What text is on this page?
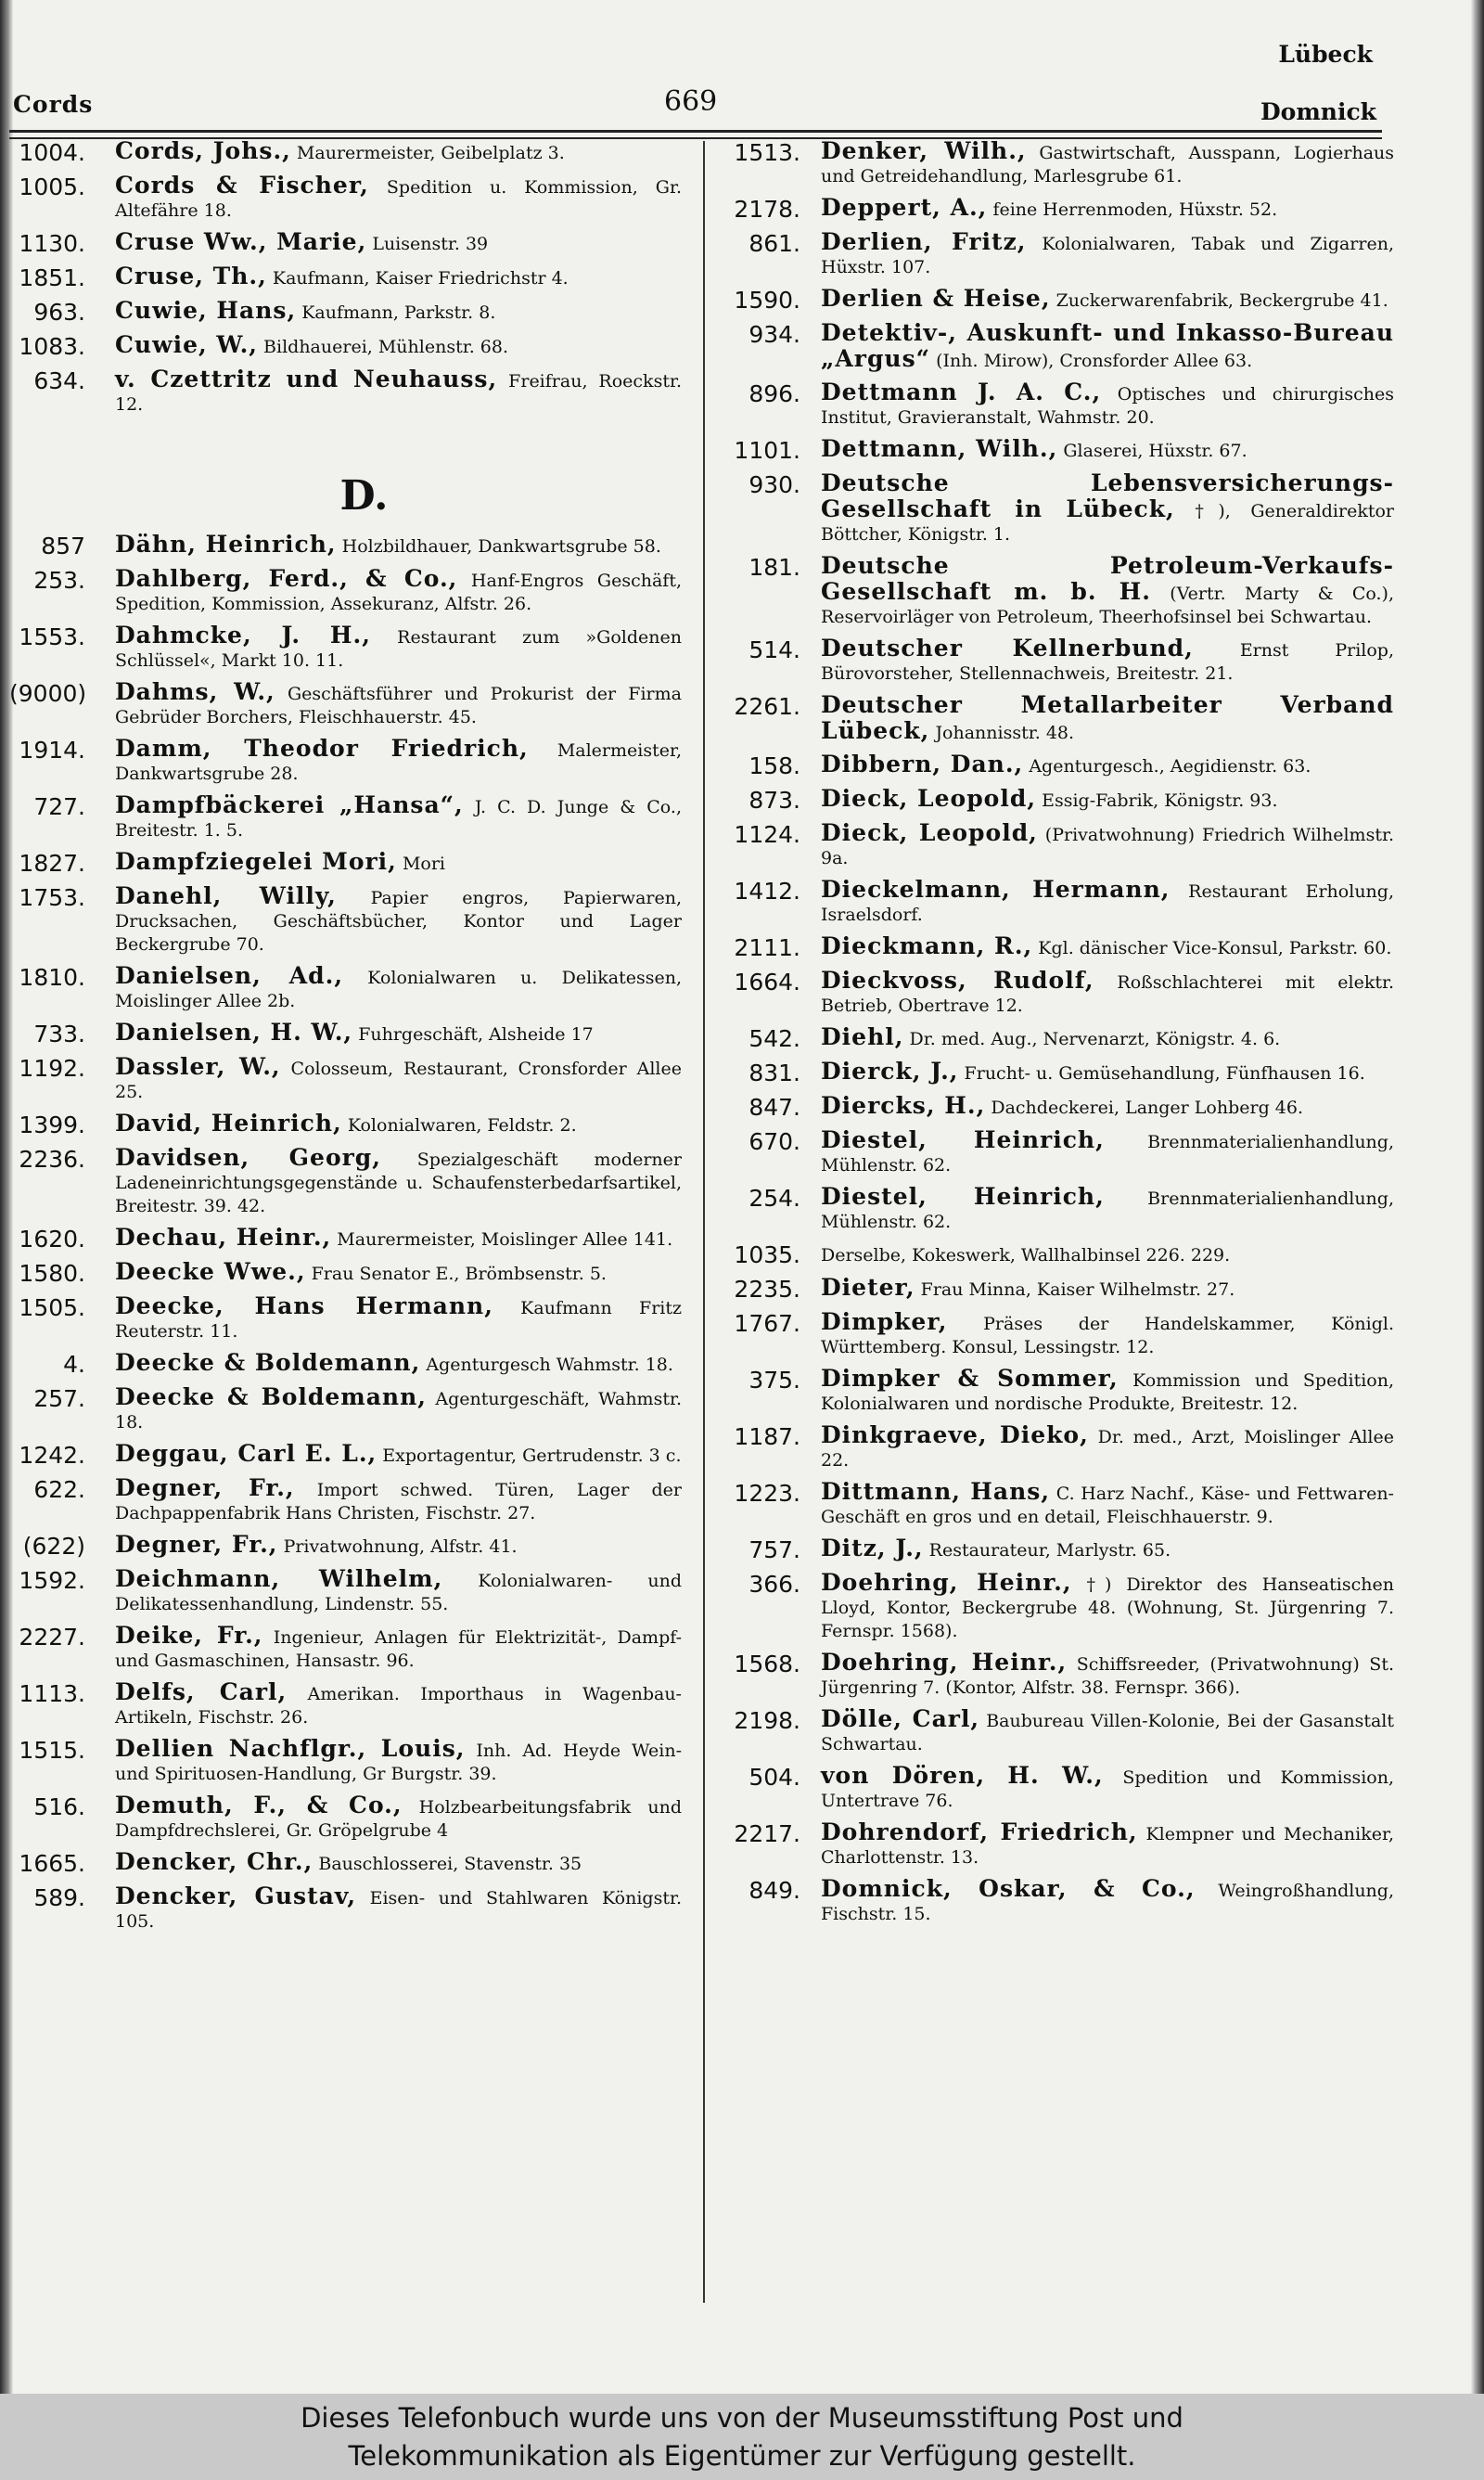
Cords	669
Lübeck
Domnick
1004.	Cords, Johs., Maurermeister, Geibelplatz 3.
1005.	Cords & Fischer, Spedition u. Kommission, Gr. Altefähre 18.
1130.	Cruse Ww., Marie, Luisenstr. 39
1851.	Cruse, Th., Kaufmann, Kaiser Friedrichstr 4.
963.	Cuwie, Hans, Kaufmann, Parkstr. 8.
1083.	Cuwie, W., Bildhauerei, Mühlenstr. 68.
634.	v. Czettritz und Neuhauss, Freifrau, Roeckstr. 12.
D.
857	Dähn, Heinrich, Holzbildhauer, Dankwartsgrube 58.
253.	Dahlberg, Ferd., & Co., Hanf-Engros Geschäft, Spedition, Kommission, Assekuranz, Alfstr. 26.
1553.	Dahmcke, J. H., Restaurant zum »Goldenen Schlüssel«, Markt 10. 11.
(9000)	Dahms, W., Geschäftsführer und Prokurist der Firma Gebrüder Borchers, Fleischhauerstr. 45.
1914.	Damm, Theodor Friedrich, Malermeister, Dankwartsgrube 28.
727.	Dampfbäckerei „Hansa“, J. C. D. Junge & Co., Breitestr. 1. 5.
1827.	Dampfziegelei Mori, Mori
1753.	Danehl, Willy, Papier engros, Papierwaren, Drucksachen, Geschäftsbücher, Kontor und Lager Beckergrube 70.
1810.	Danielsen, Ad., Kolonialwaren u. Delikatessen, Moislinger Allee 2b.
733.	Danielsen, H. W., Fuhrgeschäft, Alsheide 17
1192.	Dassler, W., Colosseum, Restaurant, Cronsforder Allee 25.
1399.	David, Heinrich, Kolonialwaren, Feldstr. 2.
2236.	Davidsen, Georg, Spezialgeschäft moderner Ladeneinrichtungsgegenstände u. Schaufensterbedarfsartikel, Breitestr. 39. 42.
1620.	Dechau, Heinr., Maurermeister, Moislinger Allee 141.
1580.	Deecke Wwe., Frau Senator E., Brömbsenstr. 5.
1505.	Deecke, Hans Hermann, Kaufmann Fritz Reuterstr. 11.
4.	Deecke & Boldemann, Agenturgesch Wahmstr. 18.
257.	Deecke & Boldemann, Agenturgeschäft, Wahmstr. 18.
1242.	Deggau, Carl E. L., Exportagentur, Gertrudenstr. 3 c.
622.	Degner, Fr., Import schwed. Türen, Lager der Dachpappenfabrik Hans Christen, Fischstr. 27.
(622)	Degner, Fr., Privatwohnung, Alfstr. 41.
1592.	Deichmann, Wilhelm, Kolonialwaren- und Delikatessenhandlung, Lindenstr. 55.
2227.	Deike, Fr., Ingenieur, Anlagen für Elektrizität-, Dampf- und Gasmaschinen, Hansastr. 96.
1113.	Delfs, Carl, Amerikan. Importhaus in Wagenbau-Artikeln, Fischstr. 26.
1515.	Dellien Nachflgr., Louis, Inh. Ad. Heyde Wein- und Spirituosen-Handlung, Gr Burgstr. 39.
516.	Demuth, F., & Co., Holzbearbeitungsfabrik und Dampfdrechslerei, Gr. Gröpelgrube 4
1665.	Dencker, Chr., Bauschlosserei, Stavenstr. 35
589.	Dencker, Gustav, Eisen- und Stahlwaren Königstr. 105.
1513. Denker, Wilh., Gastwirtschaft, Ausspann, Logierhaus und Getreidehandlung, Marlesgrube 61.
2178. Deppert, A., feine Herrenmoden, Hüxstr. 52.
861. Derlien, Fritz, Kolonialwaren, Tabak und Zigarren, Hüxstr. 107.
1590. Derlien & Heise, Zuckerwarenfabrik, Beckergrube 41.
934. Detektiv-, Auskunft- und Inkasso-Bureau „Argus“ (Inh. Mirow), Cronsforder Allee 63.
896. Dettmann J. A. C., Optisches und chirurgisches Institut, Gravieranstalt, Wahmstr. 20.
1101. Dettmann, Wilh., Glaserei, Hüxstr. 67.
930. Deutsche Lebensversicherungs-Gesellschaft in Lübeck, †), Generaldirektor Böttcher, Königstr. 1.
181. Deutsche Petroleum-Verkaufs-Gesellschaft m. b. H. (Vertr. Marty & Co.), Reservoirläger von Petroleum, Theerhofsinsel bei Schwartau.
514. Deutscher Kellnerbund,	Ernst Prilop, Bürovorsteher, Stellennachweis, Breitestr. 21.
2261. Deutscher Metallarbeiter Verband Lübeck, Johannisstr. 48.
158. Dibbern, Dan., Agenturgesch., Aegidienstr. 63.
873. Dieck, Leopold, Essig-Fabrik, Königstr. 93.
1124. Dieck, Leopold, (Privatwohnung) Friedrich Wilhelmstr. 9a.
1412. Dieckelmann, Hermann, Restaurant Erholung, Israelsdorf.
2111. Dieckmann, R., Kgl. dänischer Vice-Konsul, Parkstr. 60.
1664. Dieckvoss, Rudolf, Roßschlachterei mit elektr. Betrieb, Obertrave 12.
542. Diehl, Dr. med. Aug., Nervenarzt, Königstr. 4. 6.
831. Dierck, J., Frucht- u. Gemüsehandlung, Fünfhausen 16.
847. Diercks, H., Dachdeckerei, Langer Lohberg 46.
670. Diestel, Heinrich, Brennmaterialienhandlung, Mühlenstr. 62.
254. Diestel, Heinrich, Brennmaterialienhandlung, Mühlenstr. 62.
1035.	Derselbe, Kokeswerk, Wallhalbinsel 226. 229.
2235. Dieter, Frau Minna, Kaiser Wilhelmstr. 27.
1767. Dimpker, Präses der Handelskammer, Königl. Württemberg. Konsul, Lessingstr. 12.
375. Dimpker & Sommer, Kommission und Spedition, Kolonialwaren und nordische Produkte, Breitestr. 12.
1187. Dinkgraeve, Dieko, Dr. med., Arzt, Moislinger Allee 22.
1223. Dittmann, Hans, C. Harz Nachf., Käse- und Fettwaren-Geschäft en gros und en detail, Fleischhauerstr. 9.
757. Ditz, J., Restaurateur, Marlystr. 65.
366. Doehring, Heinr., †) Direktor des Hanseatischen Lloyd, Kontor, Beckergrube 48. (Wohnung, St. Jürgenring 7. Fernspr. 1568).
1568. Doehring, Heinr., Schiffsreeder, (Privatwohnung) St. Jürgenring 7. (Kontor, Alfstr. 38. Fernspr. 366).
2198. Dölle, Carl, Baubureau Villen-Kolonie, Bei der Gasanstalt Schwartau.
504. von Dören, H. W., Spedition und Kommission, Untertrave 76.
2217. Dohrendorf, Friedrich, Klempner und Mechaniker, Charlottenstr. 13.
849. Domnick, Oskar, & Co., Weingroßhandlung, Fischstr. 15.
Dieses Telefonbuch wurde uns von der Museumsstiftung Post und
Telekommunikation als Eigentümer zur Verfügung gestellt.
